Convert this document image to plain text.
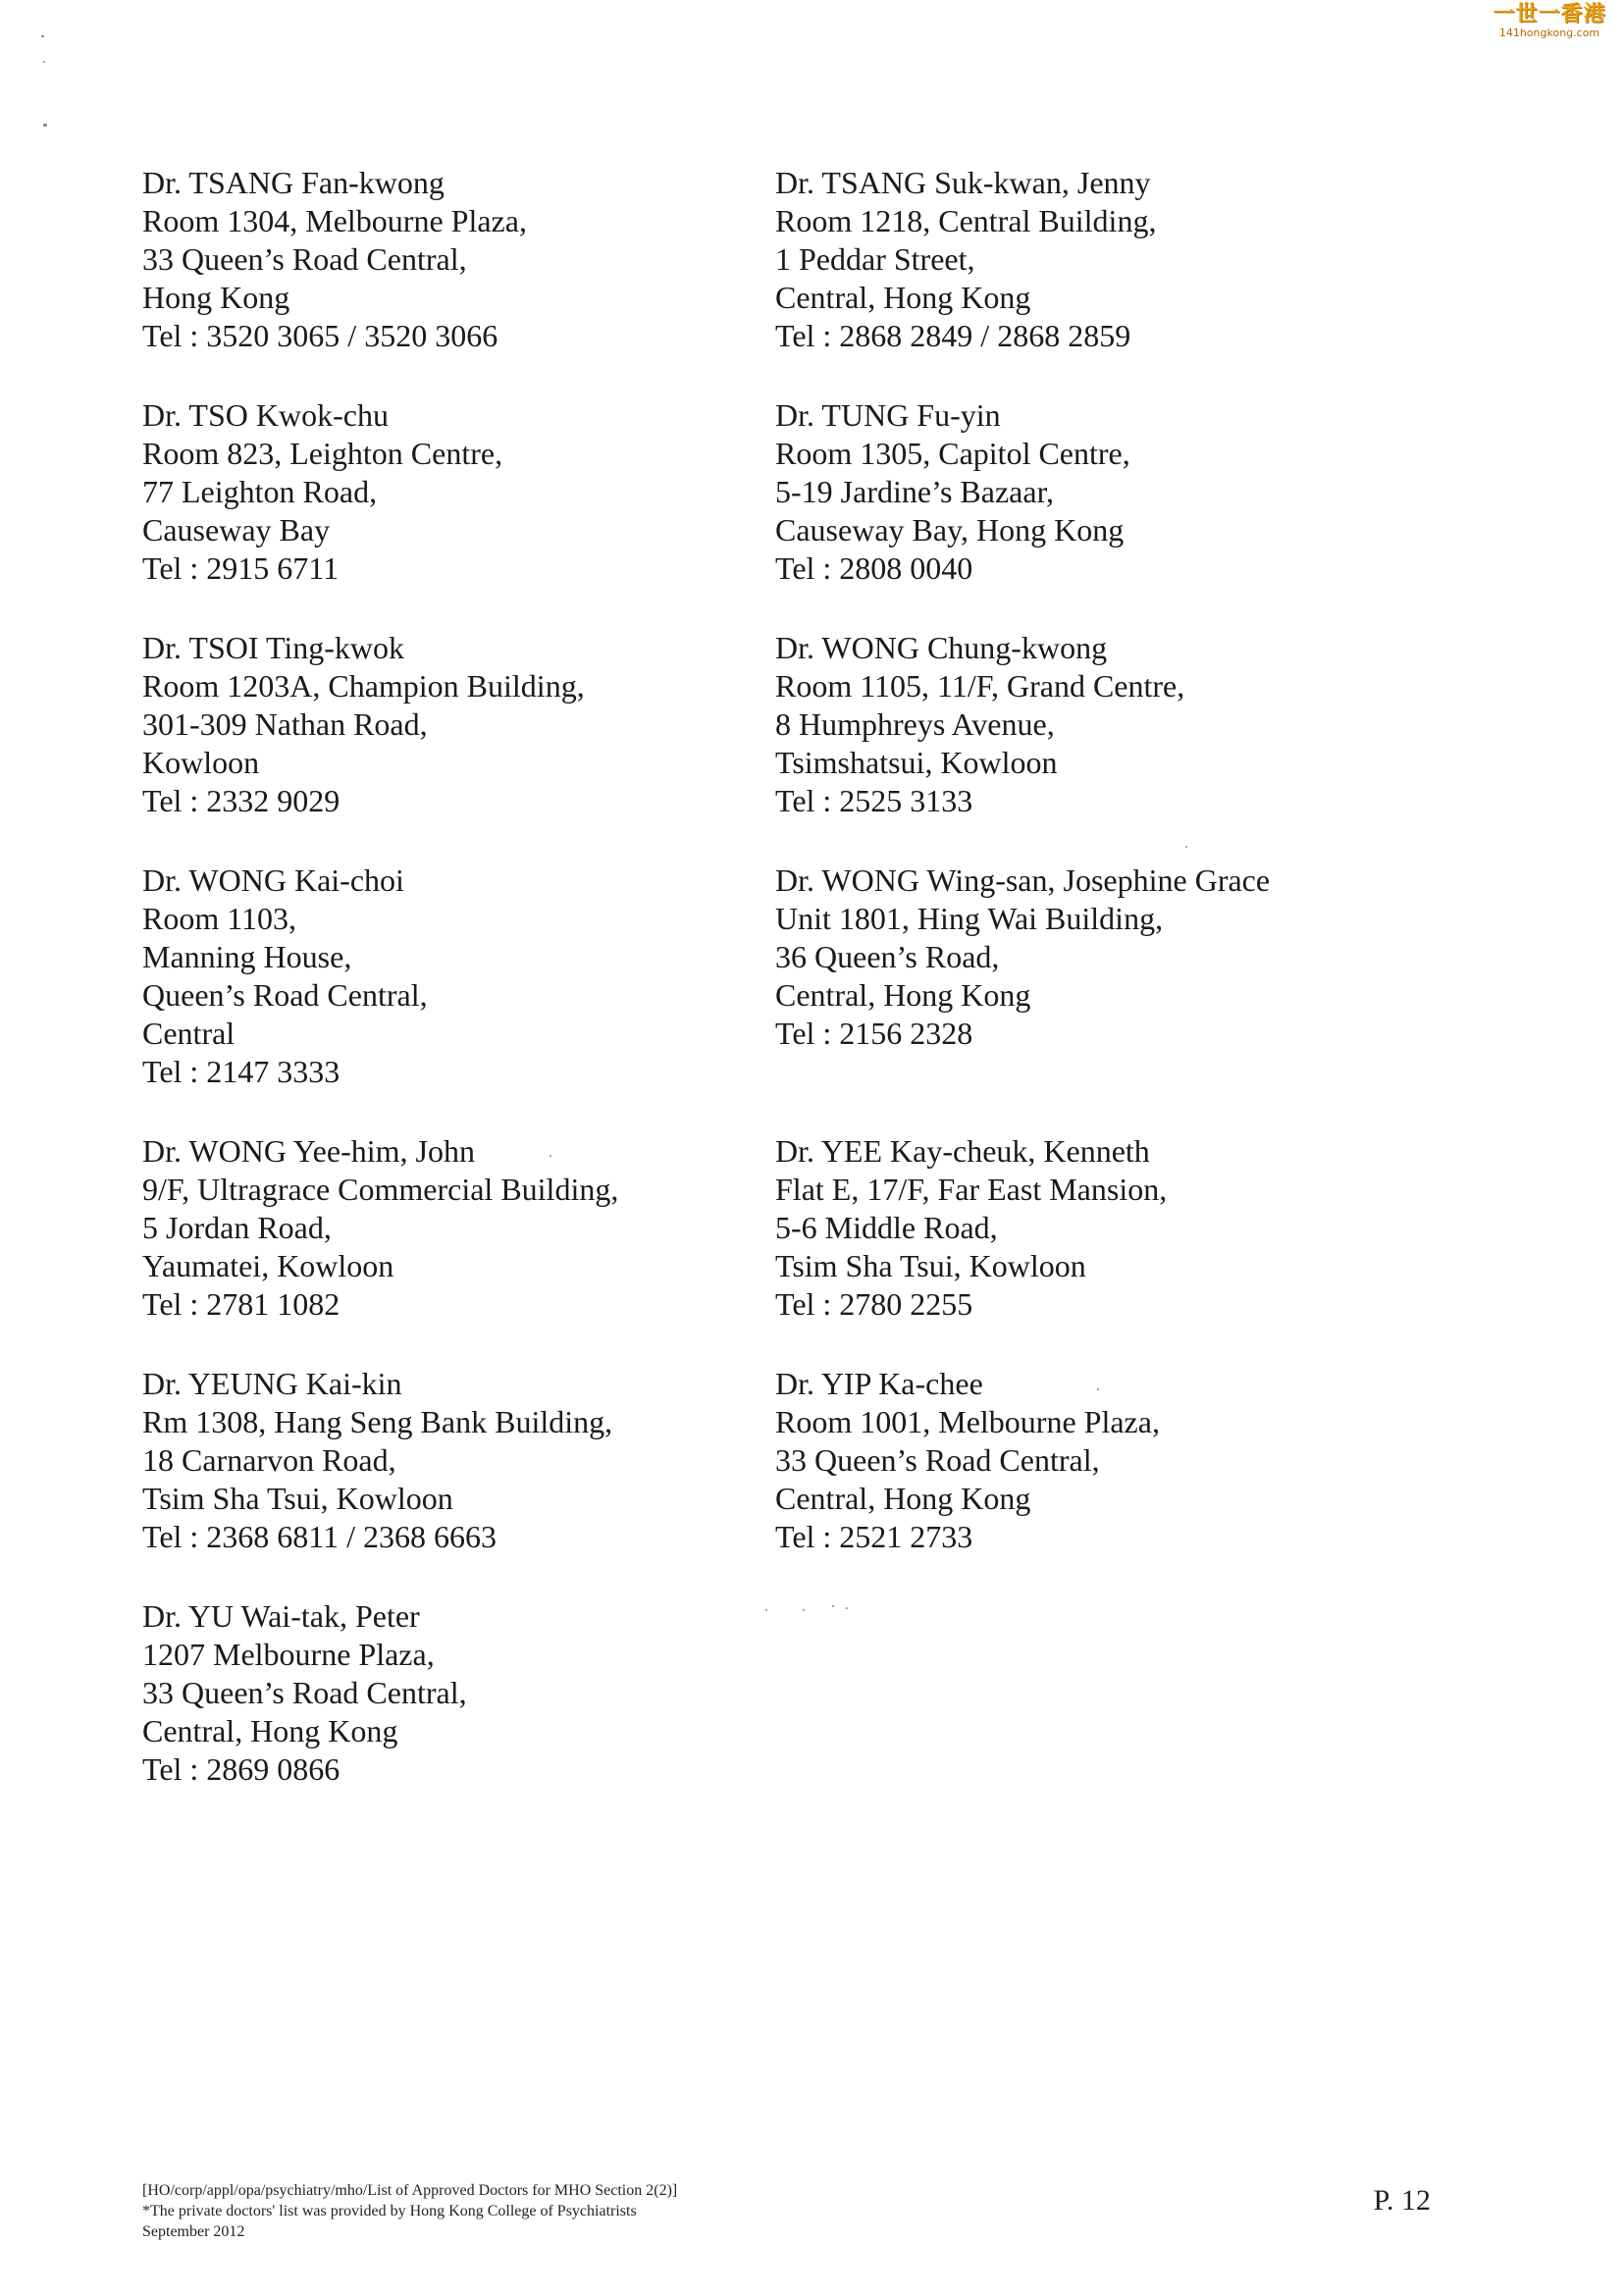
一世一香港
141hongkong.com
Dr. TSANG Fan-kwong
Room 1304, Melbourne Plaza,
33 Queen’s Road Central,
Hong Kong
Tel : 3520 3065 / 3520 3066
Dr. TSO Kwok-chu
Room 823, Leighton Centre,
77 Leighton Road,
Causeway Bay
Tel : 2915 6711
Dr. TSOI Ting-kwok
Room 1203A, Champion Building,
301-309 Nathan Road,
Kowloon
Tel : 2332 9029
Dr. WONG Kai-choi
Room 1103,
Manning House,
Queen’s Road Central,
Central
Tel : 2147 3333
Dr. WONG Yee-him, John
9/F, Ultragrace Commercial Building,
5 Jordan Road,
Yaumatei, Kowloon
Tel : 2781 1082
Dr. YEUNG Kai-kin
Rm 1308, Hang Seng Bank Building,
18 Carnarvon Road,
Tsim Sha Tsui, Kowloon
Tel : 2368 6811 / 2368 6663
Dr. YU Wai-tak, Peter
1207 Melbourne Plaza,
33 Queen’s Road Central,
Central, Hong Kong
Tel : 2869 0866
Dr. TSANG Suk-kwan, Jenny
Room 1218, Central Building,
1 Peddar Street,
Central, Hong Kong
Tel : 2868 2849 / 2868 2859
Dr. TUNG Fu-yin
Room 1305, Capitol Centre,
5-19 Jardine’s Bazaar,
Causeway Bay, Hong Kong
Tel : 2808 0040
Dr. WONG Chung-kwong
Room 1105, 11/F, Grand Centre,
8 Humphreys Avenue,
Tsimshatsui, Kowloon
Tel : 2525 3133
Dr. WONG Wing-san, Josephine Grace
Unit 1801, Hing Wai Building,
36 Queen’s Road,
Central, Hong Kong
Tel : 2156 2328
Dr. YEE Kay-cheuk, Kenneth
Flat E, 17/F, Far East Mansion,
5-6 Middle Road,
Tsim Sha Tsui, Kowloon
Tel : 2780 2255
Dr. YIP Ka-chee
Room 1001, Melbourne Plaza,
33 Queen’s Road Central,
Central, Hong Kong
Tel : 2521 2733
[HO/corp/appl/opa/psychiatry/mho/List of Approved Doctors for MHO Section 2(2)]
*The private doctors' list was provided by Hong Kong College of Psychiatrists
September 2012
P. 12
